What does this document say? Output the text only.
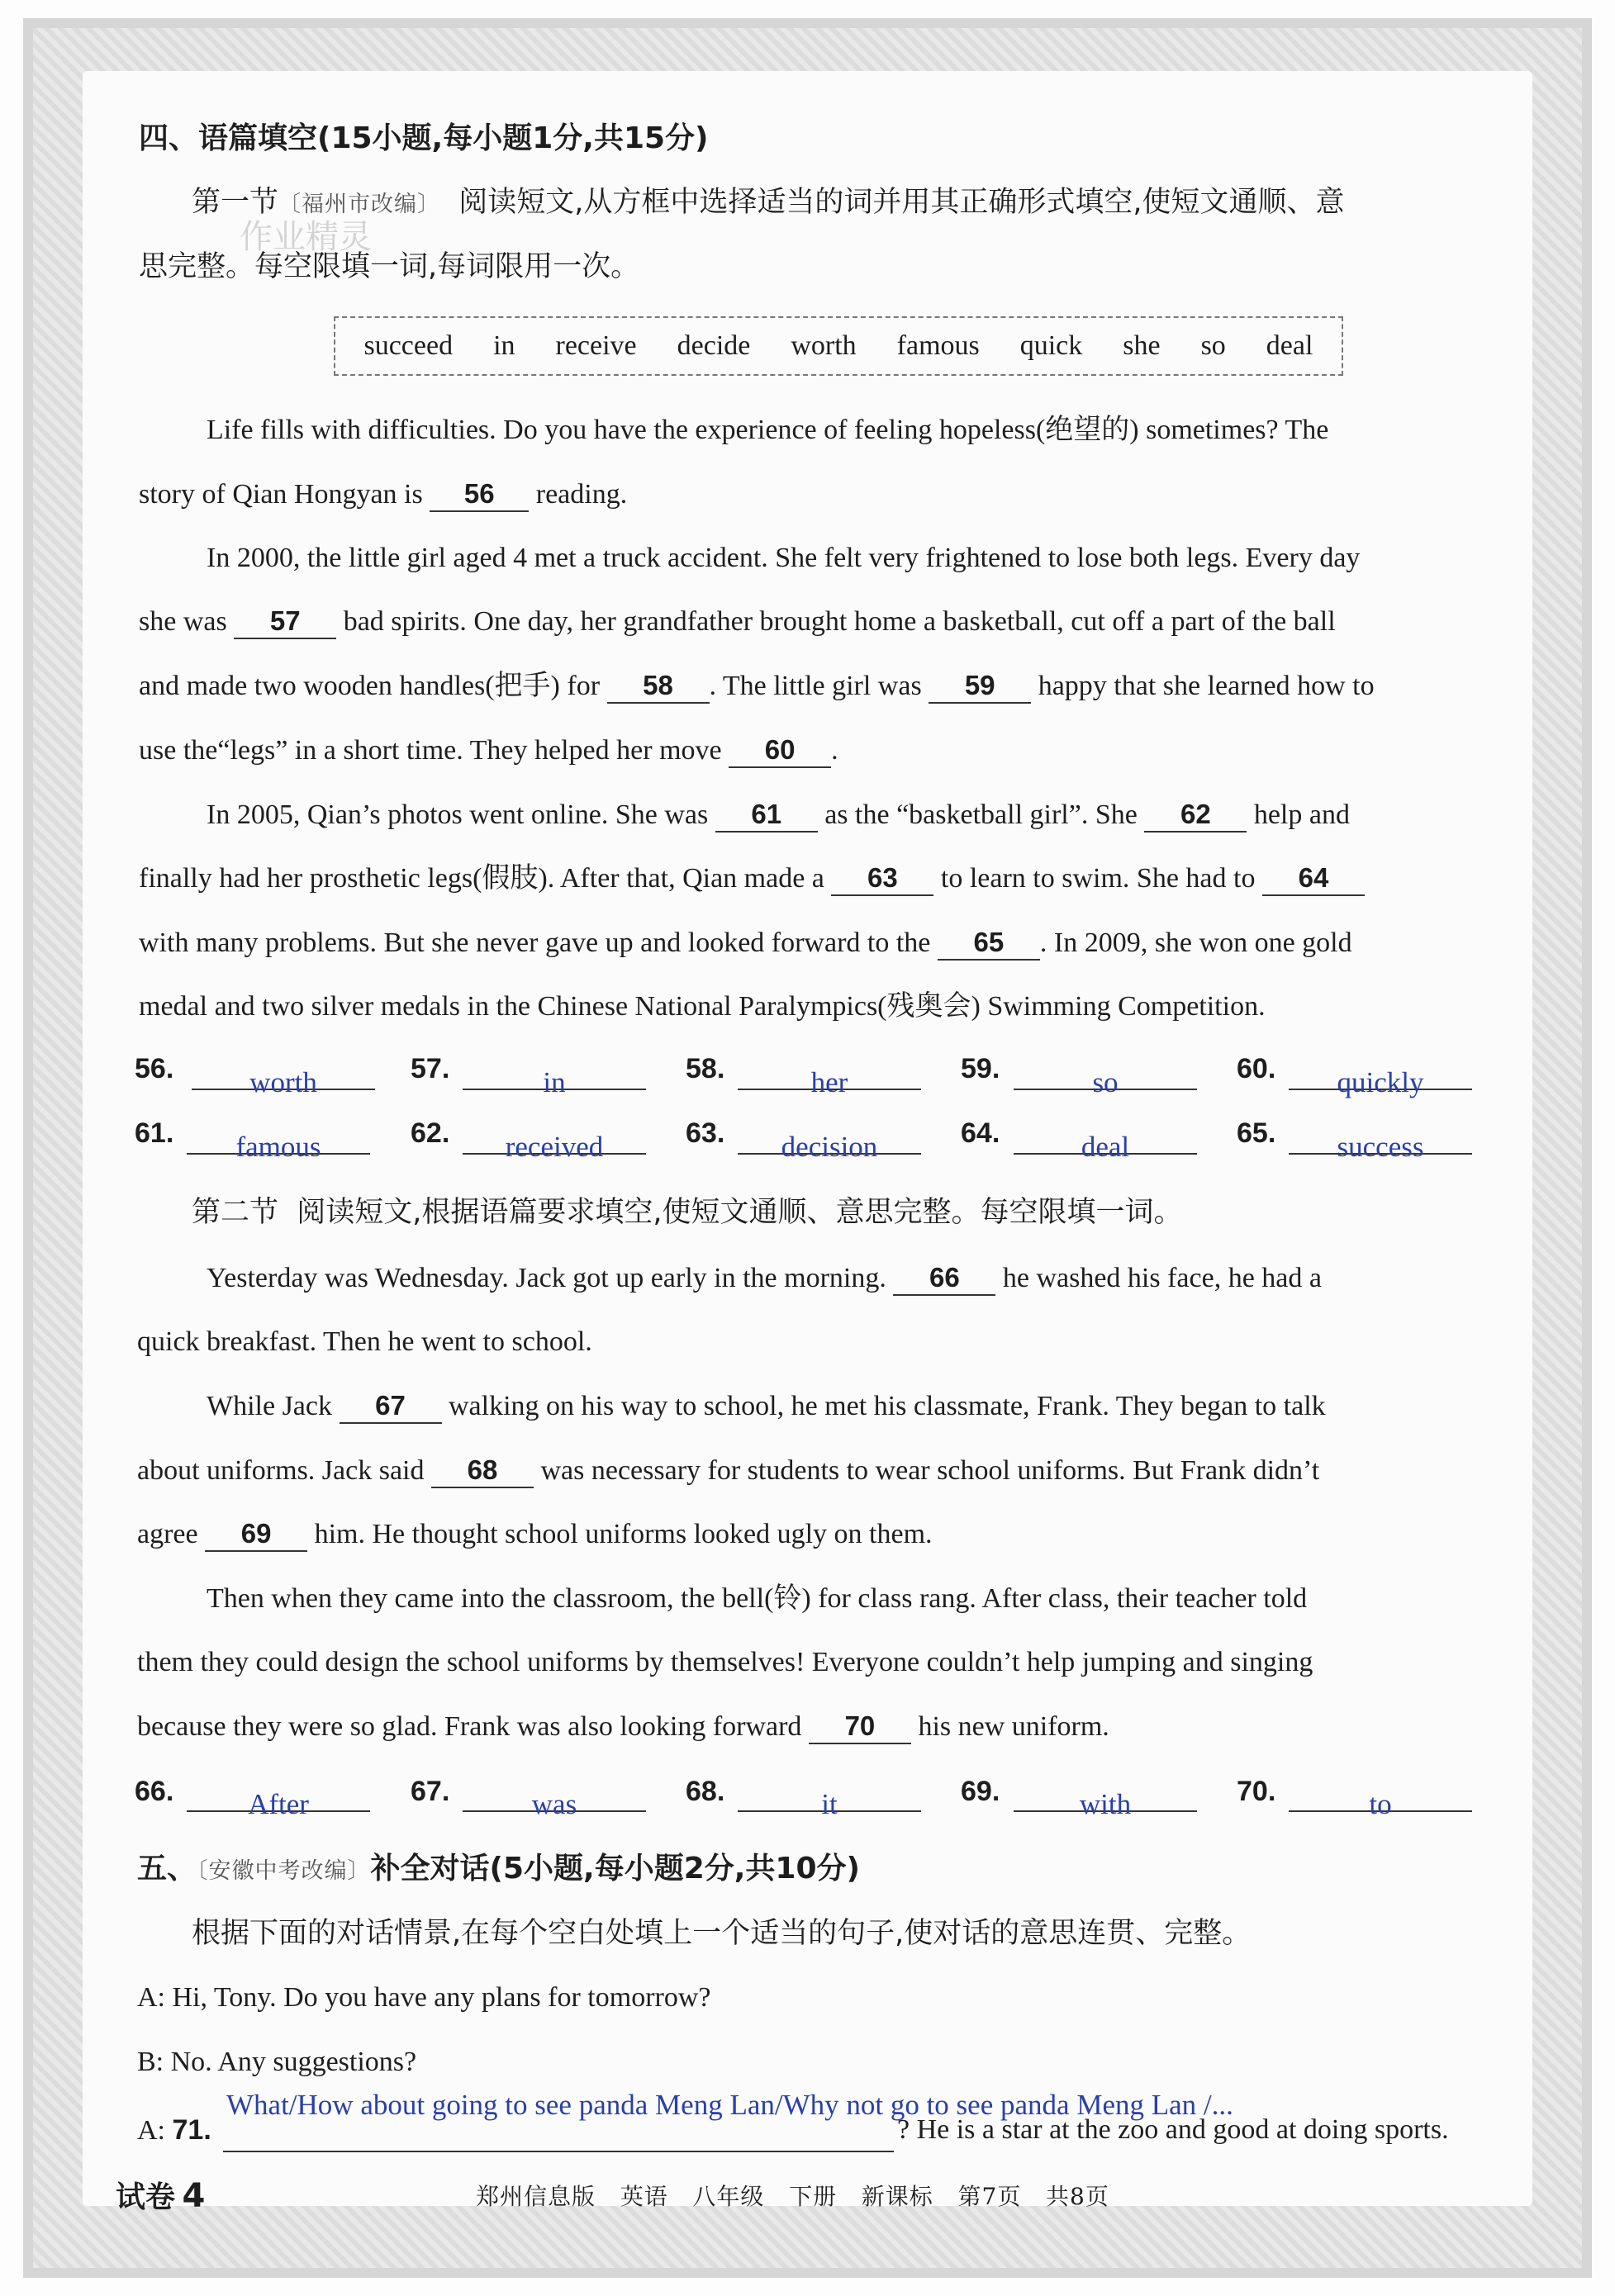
四、语篇填空(15小题,每小题1分,共15分)
第一节〔福州市改编〕 阅读短文,从方框中选择适当的词并用其正确形式填空,使短文通顺、意
思完整。每空限填一词,每词限用一次。
作业精灵
succeed in receive decide worth famous quick she so deal
Life fills with difficulties. Do you have the experience of feeling hopeless(绝望的) sometimes? The
story of Qian Hongyan is 56 reading.
In 2000, the little girl aged 4 met a truck accident. She felt very frightened to lose both legs. Every day
she was 57 bad spirits. One day, her grandfather brought home a basketball, cut off a part of the ball
and made two wooden handles(把手) for 58 . The little girl was 59 happy that she learned how to
use the“legs” in a short time. They helped her move 60 .
In 2005, Qian’s photos went online. She was 61 as the “basketball girl”. She 62 help and
finally had her prosthetic legs(假肢). After that, Qian made a 63 to learn to swim. She had to 64
with many problems. But she never gave up and looked forward to the 65 . In 2009, she won one gold
medal and two silver medals in the Chinese National Paralympics(残奥会) Swimming Competition.
56.	worth	57.	in	58.	her	59.	so	60.	quickly
61.	famous	62.	received	63.	decision	64.	deal	65.	success
第二节 阅读短文,根据语篇要求填空,使短文通顺、意思完整。每空限填一词。
Yesterday was Wednesday. Jack got up early in the morning. 66 he washed his face, he had a
quick breakfast. Then he went to school.
While Jack 67 walking on his way to school, he met his classmate, Frank. They began to talk
about uniforms. Jack said 68 was necessary for students to wear school uniforms. But Frank didn’t
agree 69 him. He thought school uniforms looked ugly on them.
Then when they came into the classroom, the bell(铃) for class rang. After class, their teacher told
them they could design the school uniforms by themselves! Everyone couldn’t help jumping and singing
because they were so glad. Frank was also looking forward 70 his new uniform.
66.	After	67.	was	68.	it	69.	with	70.	to
五、〔安徽中考改编〕补全对话(5小题,每小题2分,共10分)
根据下面的对话情景,在每个空白处填上一个适当的句子,使对话的意思连贯、完整。
A: Hi, Tony. Do you have any plans for tomorrow?
B: No. Any suggestions?
A: 71.
What/How about going to see panda Meng Lan/Why not go to see panda Meng Lan /...
? He is a star at the zoo and good at doing sports.
试卷 4	郑州信息版   英语   八年级   下册   新课标   第7页   共8页
